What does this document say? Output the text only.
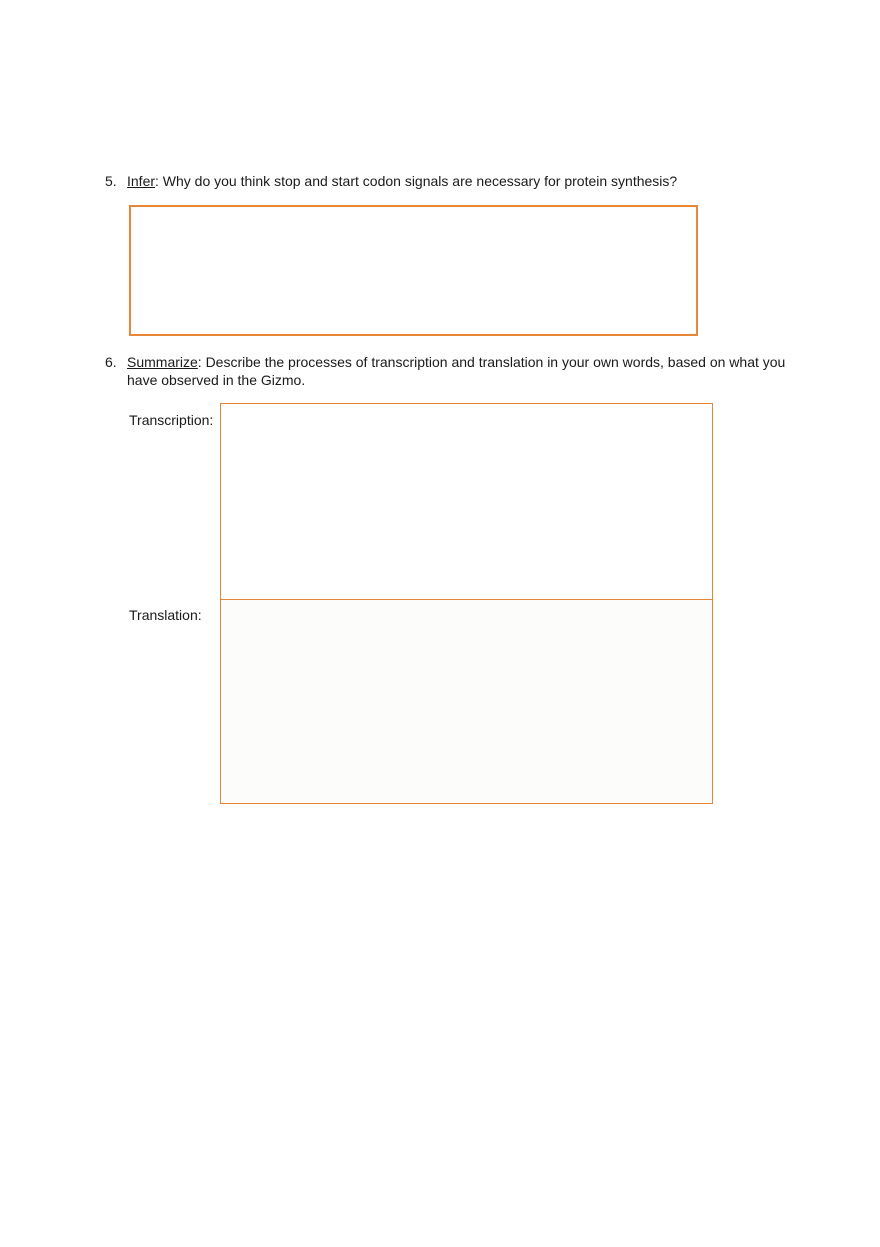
5. Infer: Why do you think stop and start codon signals are necessary for protein synthesis?
6. Summarize: Describe the processes of transcription and translation in your own words, based on what you
have observed in the Gizmo.
Transcription:
Translation:
